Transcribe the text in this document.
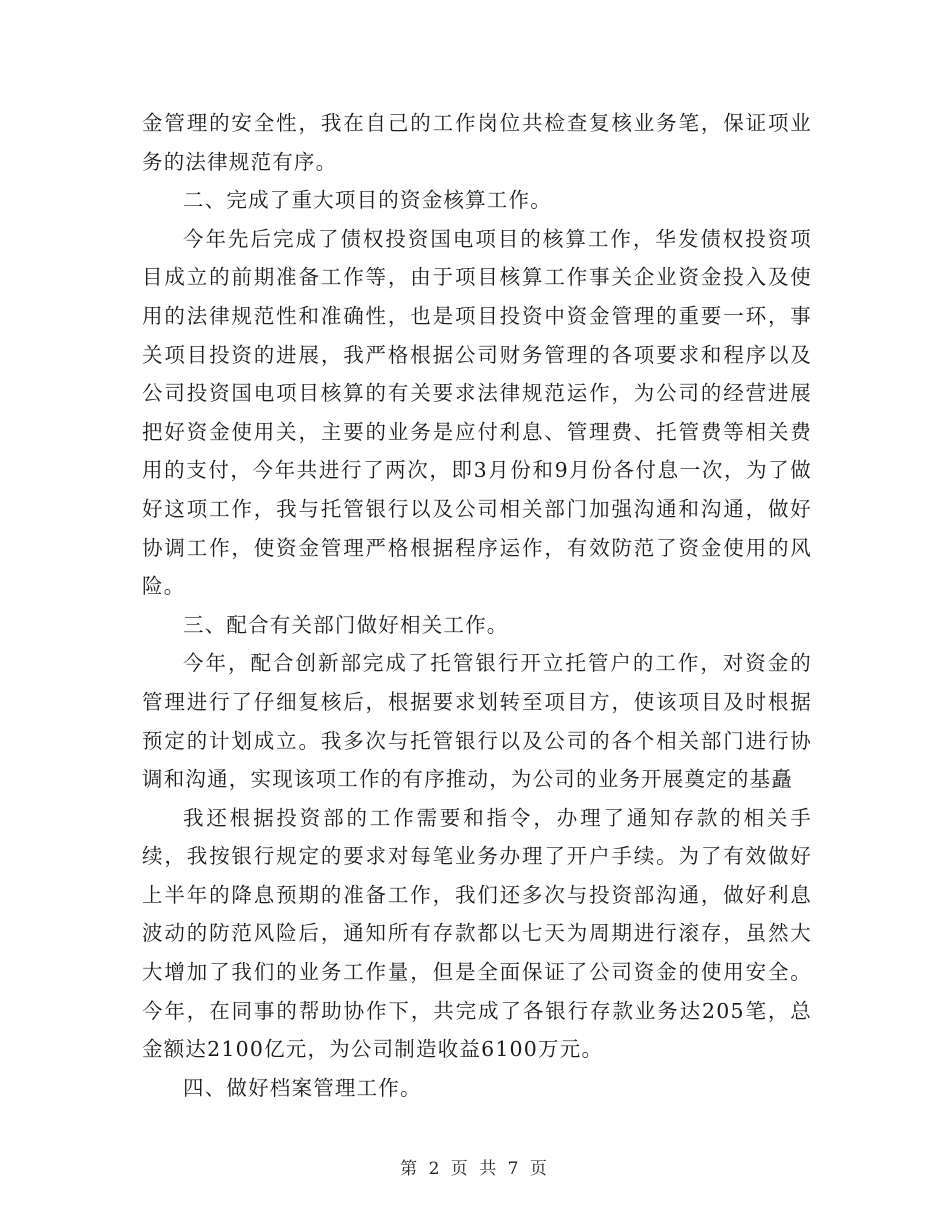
金管理的安全性，我在自己的工作岗位共检查复核业务笔，保证项业务的法律规范有序。

二、完成了重大项目的资金核算工作。

今年先后完成了债权投资国电项目的核算工作，华发债权投资项目成立的前期准备工作等，由于项目核算工作事关企业资金投入及使用的法律规范性和准确性，也是项目投资中资金管理的重要一环，事关项目投资的进展，我严格根据公司财务管理的各项要求和程序以及公司投资国电项目核算的有关要求法律规范运作，为公司的经营进展把好资金使用关，主要的业务是应付利息、管理费、托管费等相关费用的支付，今年共进行了两次，即3月份和9月份各付息一次，为了做好这项工作，我与托管银行以及公司相关部门加强沟通和沟通，做好协调工作，使资金管理严格根据程序运作，有效防范了资金使用的风险。

三、配合有关部门做好相关工作。

今年，配合创新部完成了托管银行开立托管户的工作，对资金的管理进行了仔细复核后，根据要求划转至项目方，使该项目及时根据预定的计划成立。我多次与托管银行以及公司的各个相关部门进行协调和沟通，实现该项工作的有序推动，为公司的业务开展奠定的基矗

我还根据投资部的工作需要和指令，办理了通知存款的相关手续，我按银行规定的要求对每笔业务办理了开户手续。为了有效做好上半年的降息预期的准备工作，我们还多次与投资部沟通，做好利息波动的防范风险后，通知所有存款都以七天为周期进行滚存，虽然大大增加了我们的业务工作量，但是全面保证了公司资金的使用安全。今年，在同事的帮助协作下，共完成了各银行存款业务达205笔，总金额达2100亿元，为公司制造收益6100万元。

四、做好档案管理工作。

第 2 页 共 7 页
